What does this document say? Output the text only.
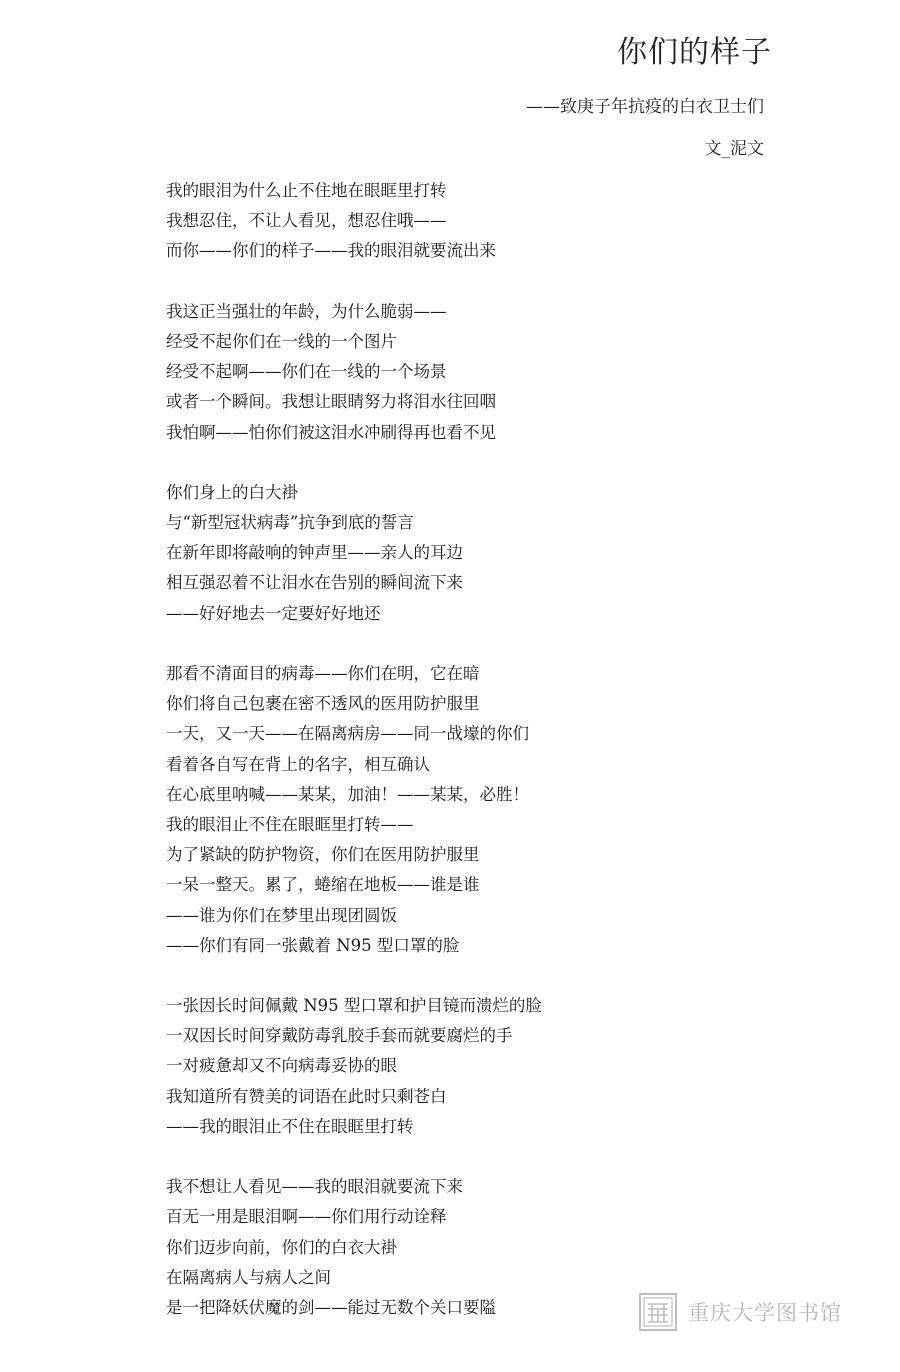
你们的样子
——致庚子年抗疫的白衣卫士们
文_泥文
我的眼泪为什么止不住地在眼眶里打转
我想忍住，不让人看见，想忍住哦——
而你——你们的样子——我的眼泪就要流出来
我这正当强壮的年龄，为什么脆弱——
经受不起你们在一线的一个图片
经受不起啊——你们在一线的一个场景
或者一个瞬间。我想让眼睛努力将泪水往回咽
我怕啊——怕你们被这泪水冲刷得再也看不见
你们身上的白大褂
与“新型冠状病毒”抗争到底的誓言
在新年即将敲响的钟声里——亲人的耳边
相互强忍着不让泪水在告别的瞬间流下来
——好好地去一定要好好地还
那看不清面目的病毒——你们在明，它在暗
你们将自己包裹在密不透风的医用防护服里
一天，又一天——在隔离病房——同一战壕的你们
看着各自写在背上的名字，相互确认
在心底里呐喊——某某，加油！——某某，必胜！
我的眼泪止不住在眼眶里打转——
为了紧缺的防护物资，你们在医用防护服里
一呆一整天。累了，蜷缩在地板——谁是谁
——谁为你们在梦里出现团圆饭
——你们有同一张戴着 N95 型口罩的脸
一张因长时间佩戴 N95 型口罩和护目镜而溃烂的脸
一双因长时间穿戴防毒乳胶手套而就要腐烂的手
一对疲惫却又不向病毒妥协的眼
我知道所有赞美的词语在此时只剩苍白
——我的眼泪止不住在眼眶里打转
我不想让人看见——我的眼泪就要流下来
百无一用是眼泪啊——你们用行动诠释
你们迈步向前，你们的白衣大褂
在隔离病人与病人之间
是一把降妖伏魔的剑——能过无数个关口要隘	重庆大学图书馆
